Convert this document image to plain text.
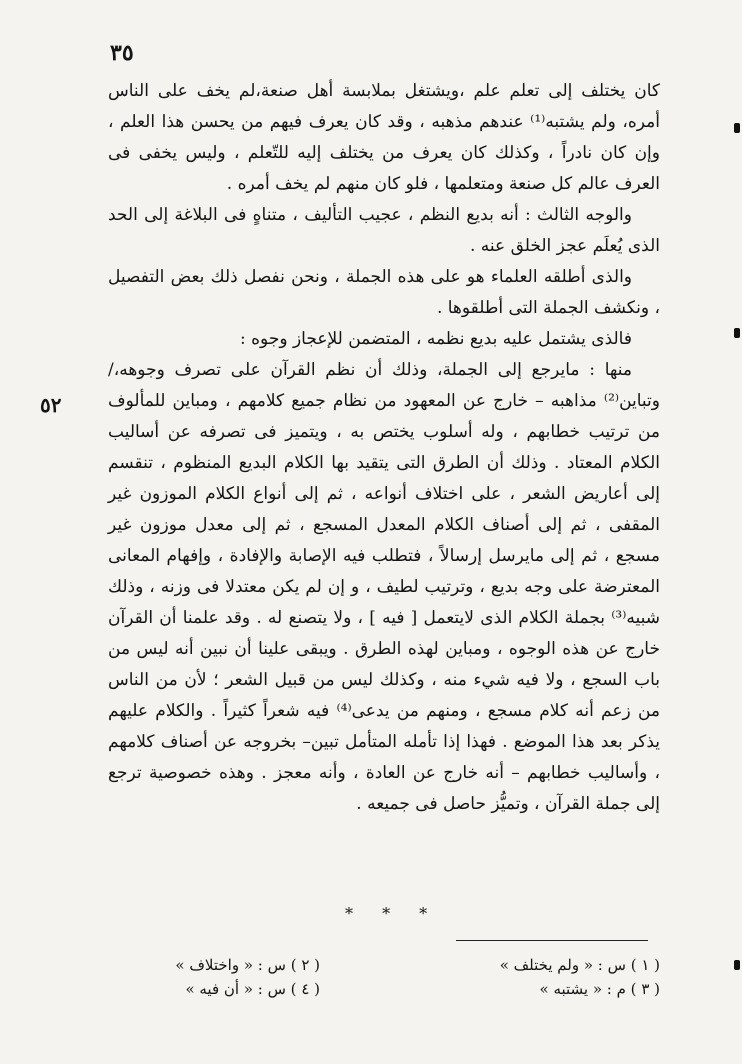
٣٥
٥٢

كان يختلف إلى تعلم علم ،ويشتغل بملابسة أهل صنعة،لم يخف على الناس أمره، ولم يشتبه⁽¹⁾ عندهم مذهبه ، وقد كان يعرف فيهم من يحسن هذا العلم ، وإن كان نادراً ، وكذلك كان يعرف من يختلف إليه للتّعلم ، وليس يخفى فى العرف عالم كل صنعة ومتعلمها ، فلو كان منهم لم يخف أمره .

والوجه الثالث : أنه بديع النظم ، عجيب التأليف ، متناهٍ فى البلاغة إلى الحد الذى يُعلَم عجز الخلق عنه .

والذى أطلقه العلماء هو على هذه الجملة ، ونحن نفصل ذلك بعض التفصيل ، ونكشف الجملة التى أطلقوها .

فالذى يشتمل عليه بديع نظمه ، المتضمن للإعجاز وجوه :

منها : مايرجع إلى الجملة، وذلك أن نظم القرآن على تصرف وجوهه،/ وتباين⁽²⁾ مذاهبه – خارج عن المعهود من نظام جميع كلامهم ، ومباين للمألوف من ترتيب خطابهم ، وله أسلوب يختص به ، ويتميز فى تصرفه عن أساليب الكلام المعتاد . وذلك أن الطرق التى يتقيد بها الكلام البديع المنظوم ، تنقسم إلى أعاريض الشعر ، على اختلاف أنواعه ، ثم إلى أنواع الكلام الموزون غير المقفى ، ثم إلى أصناف الكلام المعدل المسجع ، ثم إلى معدل موزون غير مسجع ، ثم إلى مايرسل إرسالاً ، فتطلب فيه الإصابة والإفادة ، وإفهام المعانى المعترضة على وجه بديع ، وترتيب لطيف ، و إن لم يكن معتدلا فى وزنه ، وذلك شبيه⁽³⁾ بجملة الكلام الذى لايتعمل [ فيه ] ، ولا يتصنع له . وقد علمنا أن القرآن خارج عن هذه الوجوه ، ومباين لهذه الطرق . ويبقى علينا أن نبين أنه ليس من باب السجع ، ولا فيه شيء منه ، وكذلك ليس من قبيل الشعر ؛ لأن من الناس من زعم أنه كلام مسجع ، ومنهم من يدعى⁽⁴⁾ فيه شعراً كثيراً . والكلام عليهم يذكر بعد هذا الموضع . فهذا إذا تأمله المتأمل تبين– بخروجه عن أصناف كلامهم ، وأساليب خطابهم – أنه خارج عن العادة ، وأنه معجز . وهذه خصوصية ترجع إلى جملة القرآن ، وتميُّز حاصل فى جميعه .

* * *
( ١ ) س : « ولم يختلف »
( ٢ ) س : « واختلاف »
( ٣ ) م : « يشتبه »
( ٤ ) س : « أن فيه »
